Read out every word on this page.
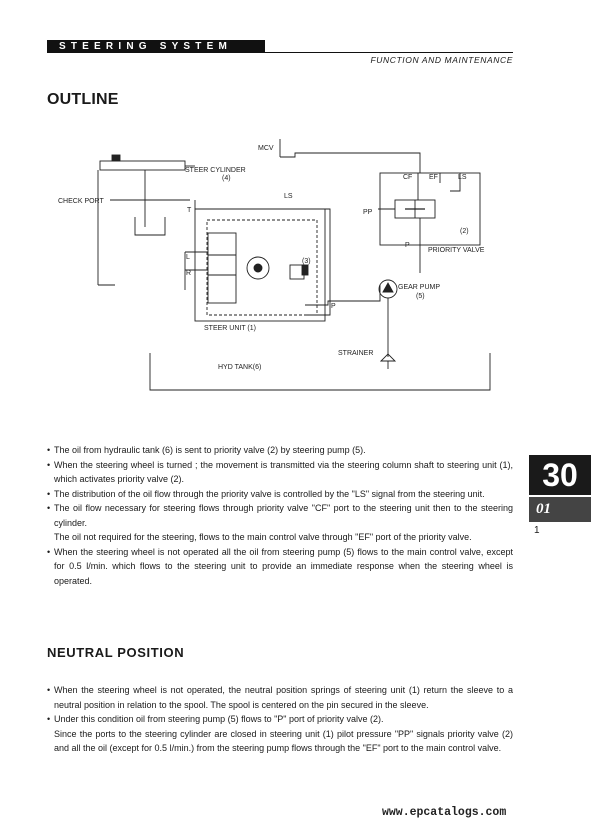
STEERING SYSTEM
FUNCTION AND MAINTENANCE
OUTLINE
MCV
STEER CYLINDER
(4)
CHECK PORT
LS
T
L
R
P
(3)
STEER UNIT (1)
CF EF	LS
PP
(2)
P
PRIORITY VALVE
GEAR PUMP
(5)
STRAINER
HYD TANK(6)

• The oil from hydraulic tank (6) is sent to priority valve (2) by steering pump (5).

• When the steering wheel is turned ; the movement is transmitted via the steering column shaft to steering unit (1), which activates priority valve (2).

• The distribution of the oil flow through the priority valve is controlled by the "LS" signal from the steering unit.

• The oil flow necessary for steering flows through priority valve "CF" port to the steering unit then to the steering cylinder.

The oil not required for the steering, flows to the main control valve through "EF" port of the priority valve.

• When the steering wheel is not operated all the oil from steering pump (5) flows to the main control valve, except for 0.5 l/min. which flows to the steering unit to provide an immediate response when the steering wheel is operated.

NEUTRAL POSITION

• When the steering wheel is not operated, the neutral position springs of steering unit (1) return the sleeve to a neutral position in relation to the spool. The spool is centered on the pin secured in the sleeve.

• Under this condition oil from steering pump (5) flows to "P" port of priority valve (2).

Since the ports to the steering cylinder are closed in steering unit (1) pilot pressure "PP" signals priority valve (2) and all the oil (except for 0.5 l/min.) from the steering pump flows through the "EF" port to the main control valve.

30
01
1
www.epcatalogs.com
